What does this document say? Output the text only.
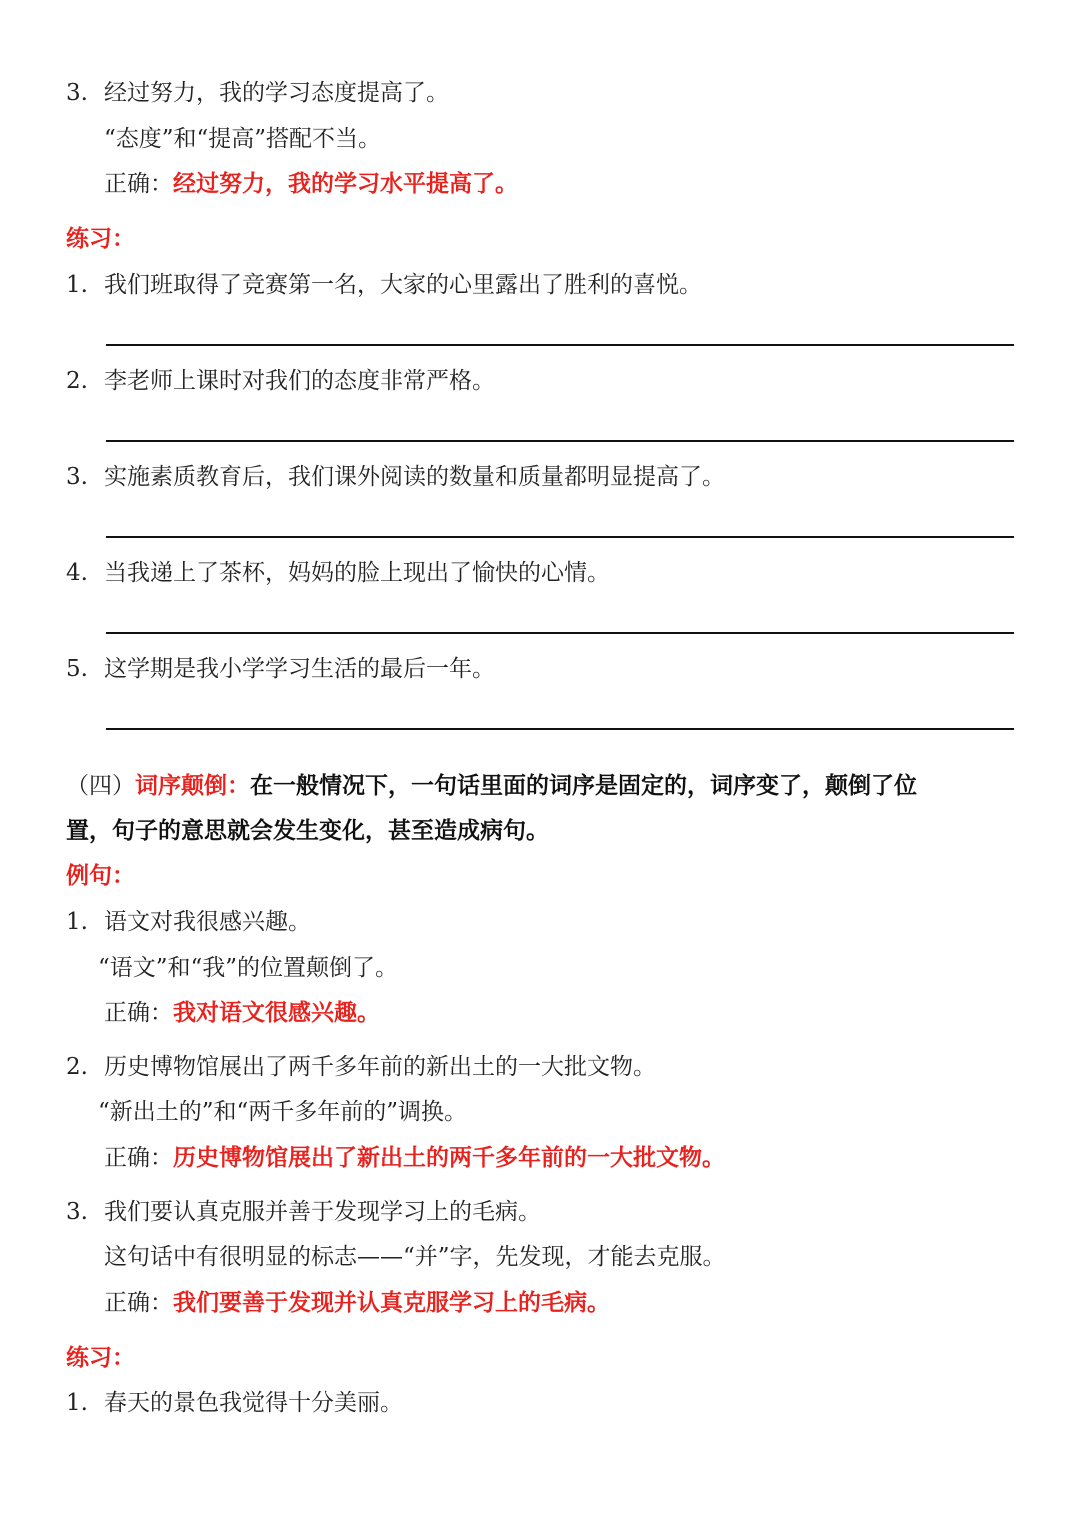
3. 经过努力，我的学习态度提高了。
“态度”和“提高”搭配不当。
正确：经过努力，我的学习水平提高了。
练习：
1. 我们班取得了竞赛第一名，大家的心里露出了胜利的喜悦。
2. 李老师上课时对我们的态度非常严格。
3. 实施素质教育后，我们课外阅读的数量和质量都明显提高了。
4. 当我递上了茶杯，妈妈的脸上现出了愉快的心情。
5. 这学期是我小学学习生活的最后一年。
（四）词序颠倒：在一般情况下，一句话里面的词序是固定的，词序变了，颠倒了位
置，句子的意思就会发生变化，甚至造成病句。
例句：
1. 语文对我很感兴趣。
“语文”和“我”的位置颠倒了。
正确：我对语文很感兴趣。
2. 历史博物馆展出了两千多年前的新出土的一大批文物。
“新出土的”和“两千多年前的”调换。
正确：历史博物馆展出了新出土的两千多年前的一大批文物。
3. 我们要认真克服并善于发现学习上的毛病。
这句话中有很明显的标志——“并”字，先发现，才能去克服。
正确：我们要善于发现并认真克服学习上的毛病。
练习：
1. 春天的景色我觉得十分美丽。
